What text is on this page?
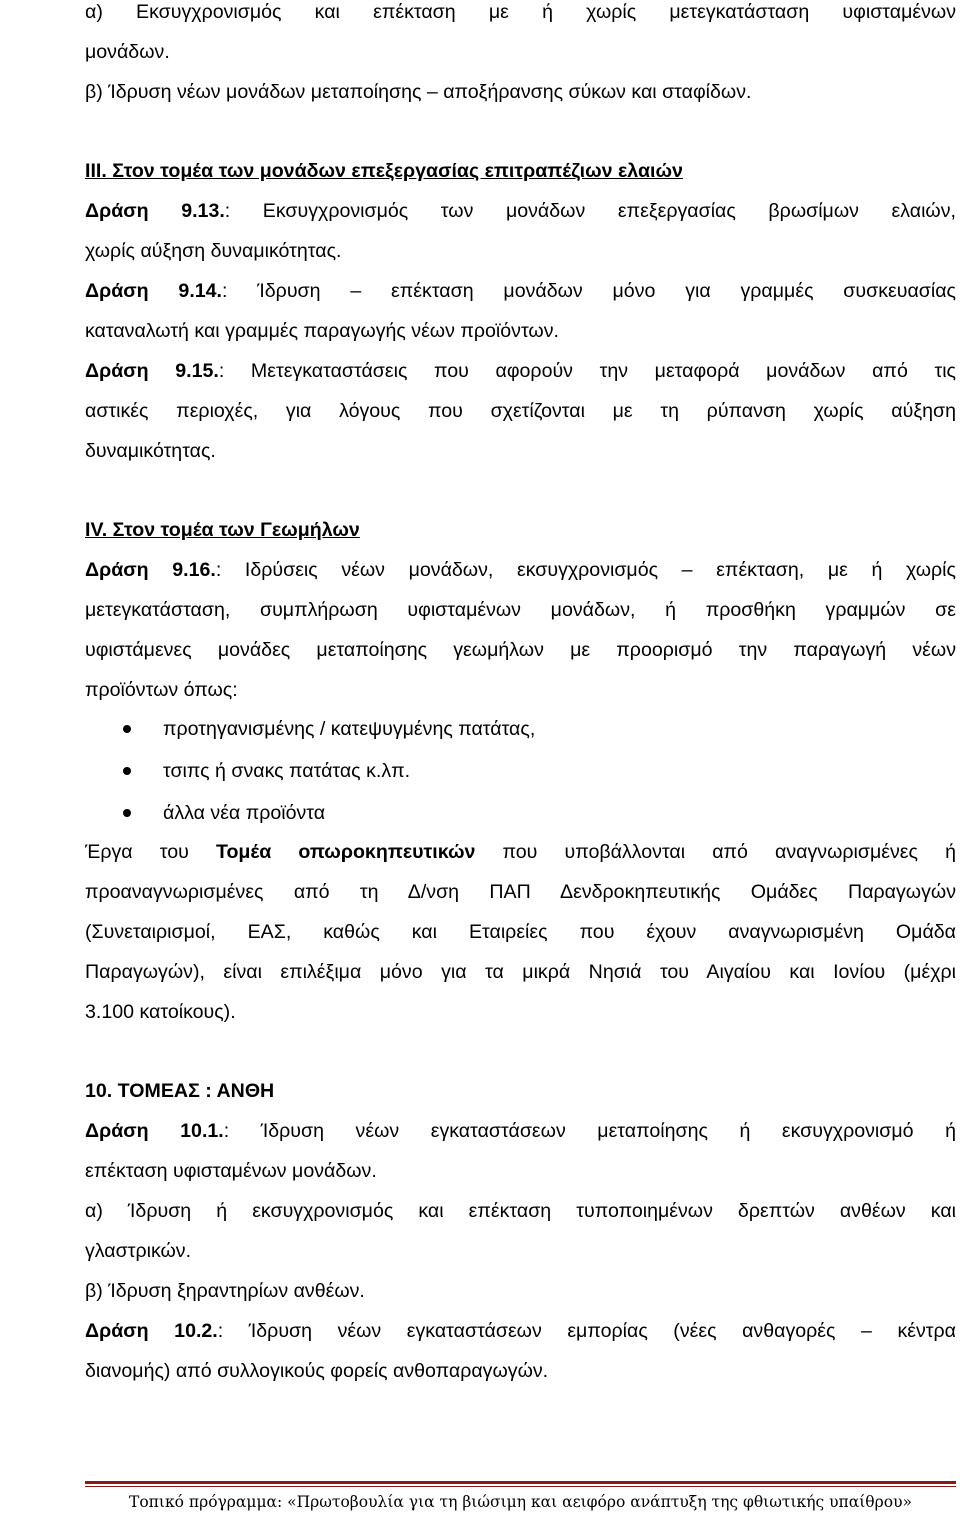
α) Εκσυγχρονισμός και επέκταση με ή χωρίς μετεγκατάσταση υφισταμένων
μονάδων.
β) Ίδρυση νέων μονάδων μεταποίησης – αποξήρανσης σύκων και σταφίδων.
ΙΙΙ. Στον τομέα των μονάδων επεξεργασίας επιτραπέζιων ελαιών
Δράση 9.13.: Εκσυγχρονισμός των μονάδων επεξεργασίας βρωσίμων ελαιών,
χωρίς αύξηση δυναμικότητας.
Δράση 9.14.: Ίδρυση – επέκταση μονάδων μόνο για γραμμές συσκευασίας
καταναλωτή και γραμμές παραγωγής νέων προϊόντων.
Δράση 9.15.: Μετεγκαταστάσεις που αφορούν την μεταφορά μονάδων από τις
αστικές περιοχές, για λόγους που σχετίζονται με τη ρύπανση χωρίς αύξηση
δυναμικότητας.
IV. Στον τομέα των Γεωμήλων
Δράση 9.16.: Ιδρύσεις νέων μονάδων, εκσυγχρονισμός – επέκταση, με ή χωρίς
μετεγκατάσταση, συμπλήρωση υφισταμένων μονάδων, ή προσθήκη γραμμών σε
υφιστάμενες μονάδες μεταποίησης γεωμήλων με προορισμό την παραγωγή νέων
προϊόντων όπως:
προτηγανισμένης / κατεψυγμένης πατάτας,
τσιπς ή σνακς πατάτας κ.λπ.
άλλα νέα προϊόντα
Έργα του Τομέα οπωροκηπευτικών που υποβάλλονται από αναγνωρισμένες ή
προαναγνωρισμένες από τη Δ/νση ΠΑΠ Δενδροκηπευτικής Ομάδες Παραγωγών
(Συνεταιρισμοί, ΕΑΣ, καθώς και Εταιρείες που έχουν αναγνωρισμένη Ομάδα
Παραγωγών), είναι επιλέξιμα μόνο για τα μικρά Νησιά του Αιγαίου και Ιονίου (μέχρι
3.100 κατοίκους).
10. ΤΟΜΕΑΣ : ΑΝΘΗ
Δράση 10.1.: Ίδρυση νέων εγκαταστάσεων μεταποίησης ή εκσυγχρονισμό ή
επέκταση υφισταμένων μονάδων.
α) Ίδρυση ή εκσυγχρονισμός και επέκταση τυποποιημένων δρεπτών ανθέων και
γλαστρικών.
β) Ίδρυση ξηραντηρίων ανθέων.
Δράση 10.2.: Ίδρυση νέων εγκαταστάσεων εμπορίας (νέες ανθαγορές – κέντρα
διανομής) από συλλογικούς φορείς ανθοπαραγωγών.
Τοπικό πρόγραμμα: «Πρωτοβουλία για τη βιώσιμη και αειφόρο ανάπτυξη της φθιωτικής υπαίθρου»
